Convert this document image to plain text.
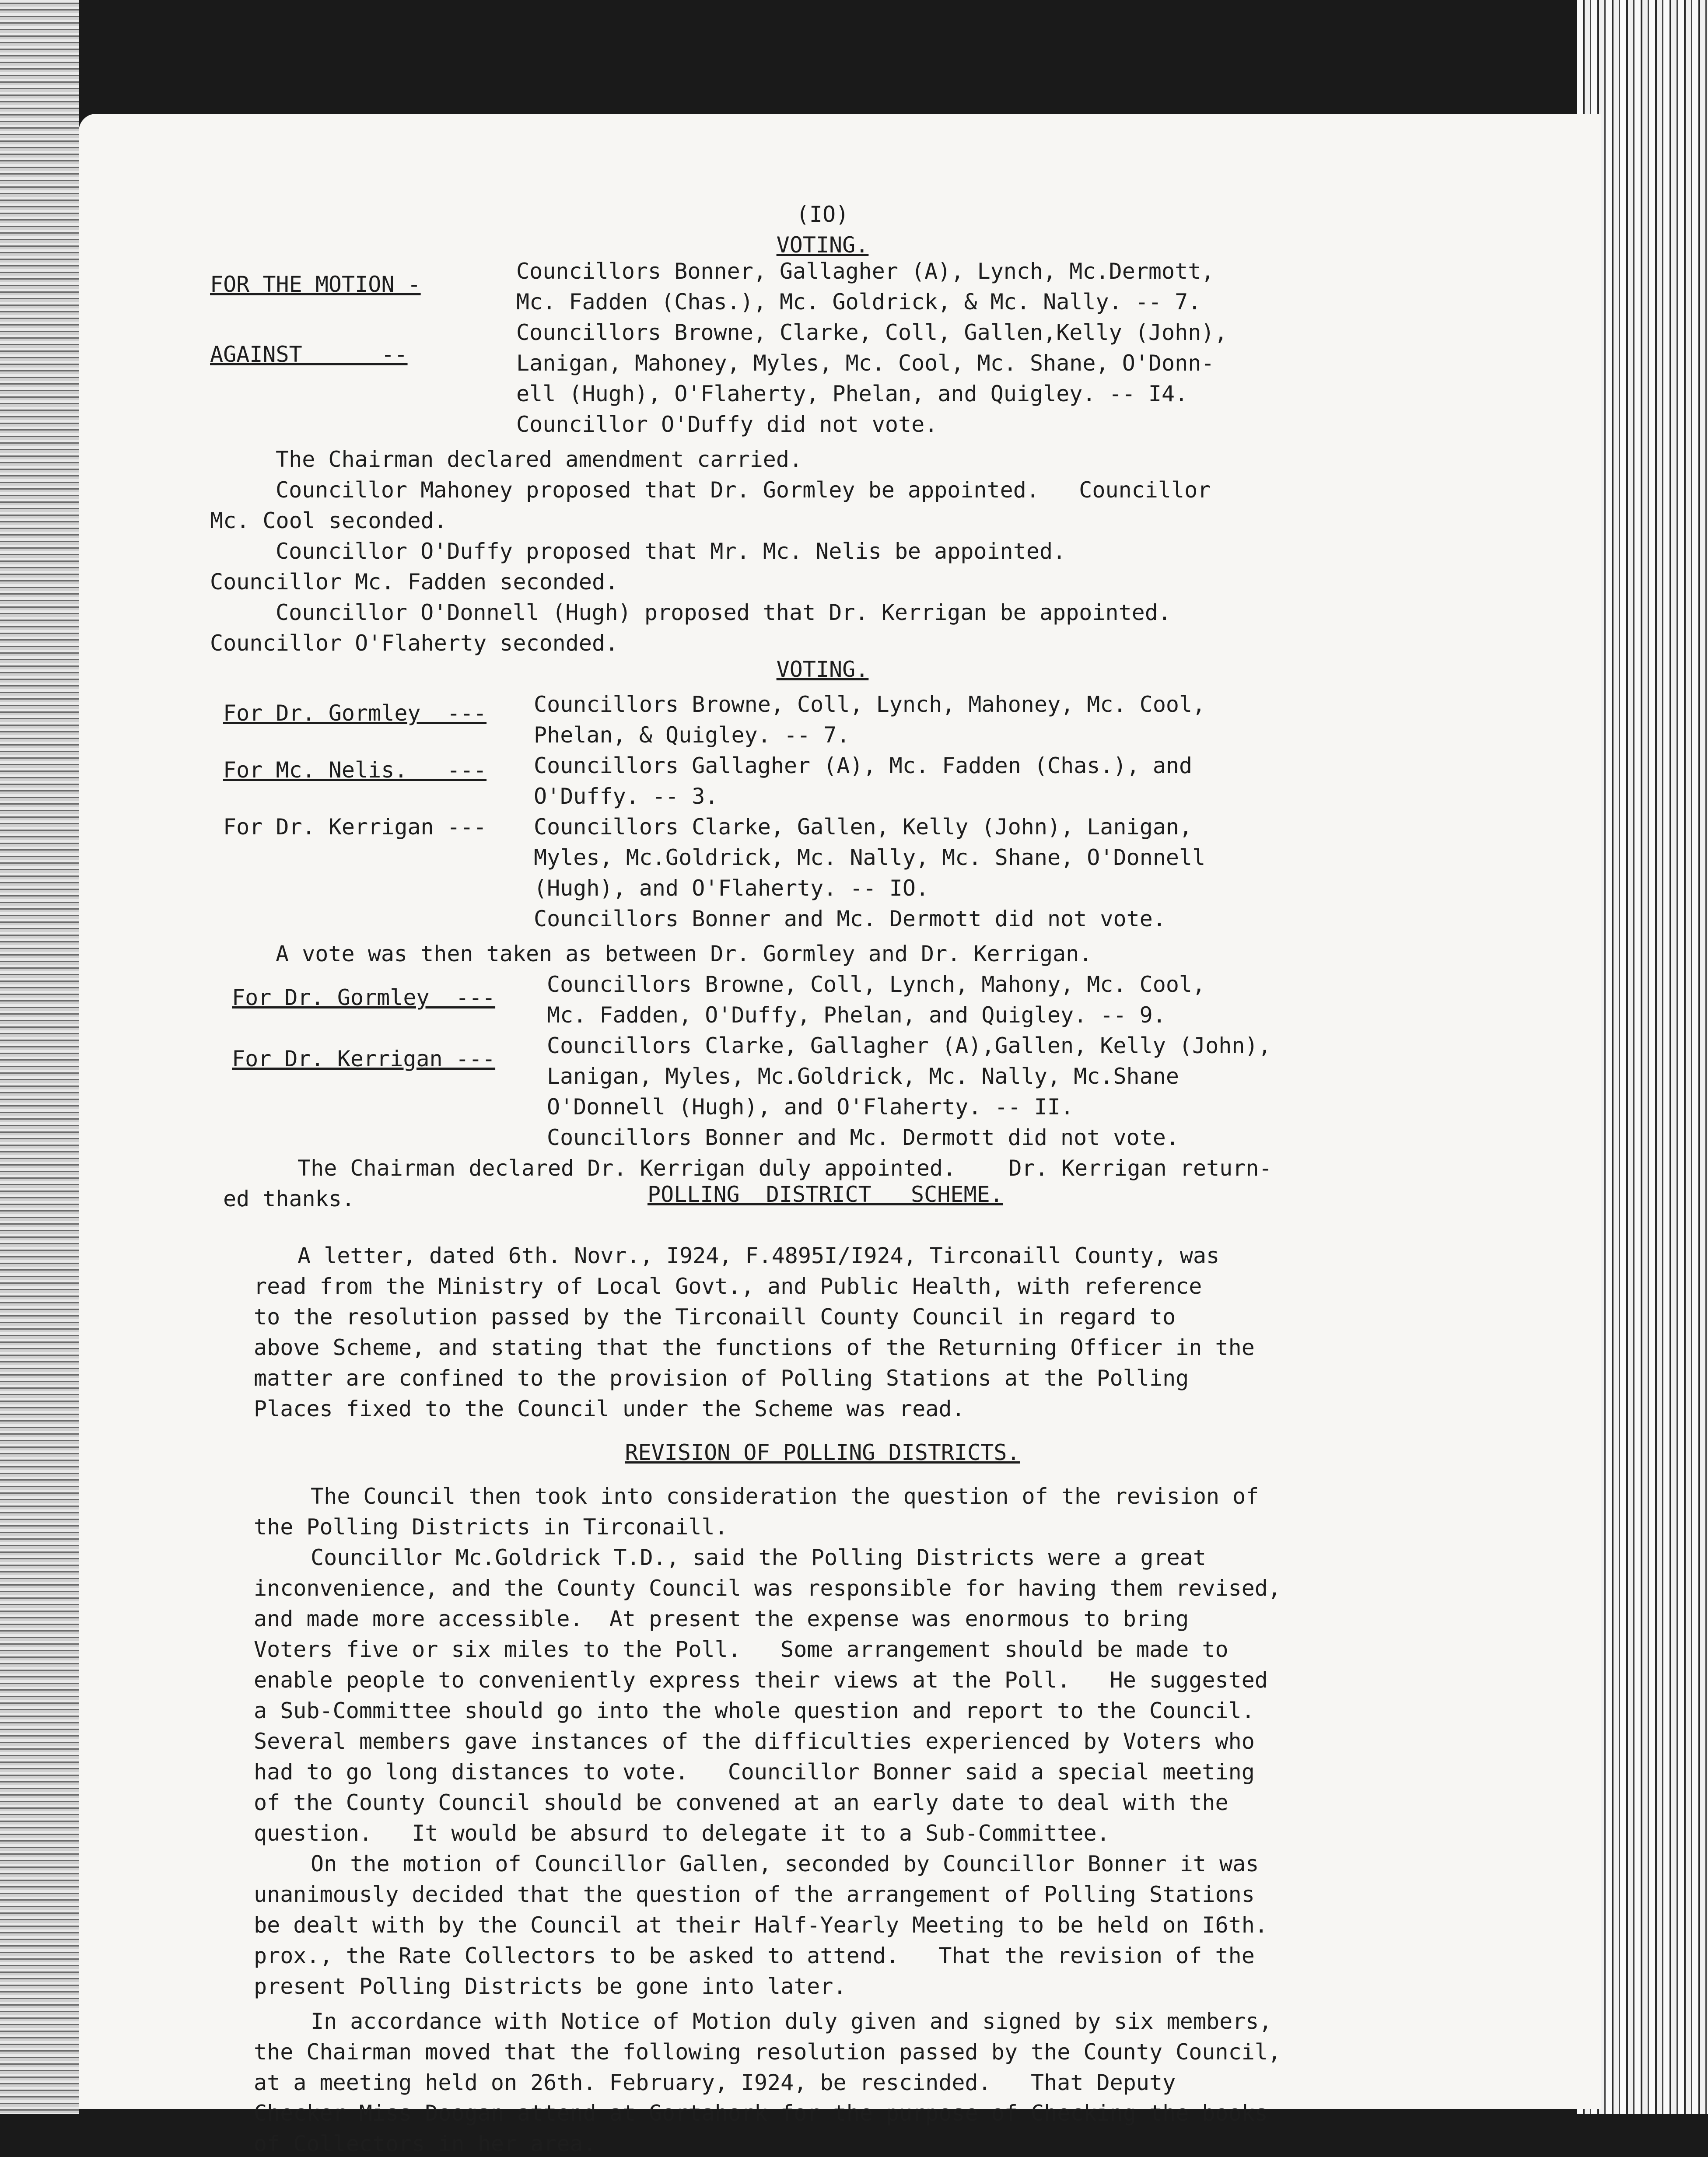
(IO)
VOTING.
FOR THE MOTION -
AGAINST      --
Councillors Bonner, Gallagher (A), Lynch, Mc.Dermott,
Mc. Fadden (Chas.), Mc. Goldrick, & Mc. Nally. -- 7.
Councillors Browne, Clarke, Coll, Gallen,Kelly (John),
Lanigan, Mahoney, Myles, Mc. Cool, Mc. Shane, O'Donn-
ell (Hugh), O'Flaherty, Phelan, and Quigley. -- I4.
Councillor O'Duffy did not vote.
The Chairman declared amendment carried.
Councillor Mahoney proposed that Dr. Gormley be appointed.   Councillor
Mc. Cool seconded.
Councillor O'Duffy proposed that Mr. Mc. Nelis be appointed.
Councillor Mc. Fadden seconded.
Councillor O'Donnell (Hugh) proposed that Dr. Kerrigan be appointed.
Councillor O'Flaherty seconded.
VOTING.
For Dr. Gormley  ---
For Mc. Nelis.   ---
For Dr. Kerrigan ---
Councillors Browne, Coll, Lynch, Mahoney, Mc. Cool,
Phelan, & Quigley. -- 7.
Councillors Gallagher (A), Mc. Fadden (Chas.), and
O'Duffy. -- 3.
Councillors Clarke, Gallen, Kelly (John), Lanigan,
Myles, Mc.Goldrick, Mc. Nally, Mc. Shane, O'Donnell
(Hugh), and O'Flaherty. -- IO.
Councillors Bonner and Mc. Dermott did not vote.
A vote was then taken as between Dr. Gormley and Dr. Kerrigan.
For Dr. Gormley  ---
For Dr. Kerrigan ---
Councillors Browne, Coll, Lynch, Mahony, Mc. Cool,
Mc. Fadden, O'Duffy, Phelan, and Quigley. -- 9.
Councillors Clarke, Gallagher (A),Gallen, Kelly (John),
Lanigan, Myles, Mc.Goldrick, Mc. Nally, Mc.Shane
O'Donnell (Hugh), and O'Flaherty. -- II.
Councillors Bonner and Mc. Dermott did not vote.
The Chairman declared Dr. Kerrigan duly appointed.    Dr. Kerrigan return-
ed thanks.	POLLING  DISTRICT   SCHEME.
A letter, dated 6th. Novr., I924, F.4895I/I924, Tirconaill County, was
read from the Ministry of Local Govt., and Public Health, with reference
to the resolution passed by the Tirconaill County Council in regard to
above Scheme, and stating that the functions of the Returning Officer in the
matter are confined to the provision of Polling Stations at the Polling
Places fixed to the Council under the Scheme was read.
REVISION OF POLLING DISTRICTS.
The Council then took into consideration the question of the revision of
the Polling Districts in Tirconaill.
Councillor Mc.Goldrick T.D., said the Polling Districts were a great
inconvenience, and the County Council was responsible for having them revised,
and made more accessible.  At present the expense was enormous to bring
Voters five or six miles to the Poll.   Some arrangement should be made to
enable people to conveniently express their views at the Poll.   He suggested
a Sub-Committee should go into the whole question and report to the Council.
Several members gave instances of the difficulties experienced by Voters who
had to go long distances to vote.   Councillor Bonner said a special meeting
of the County Council should be convened at an early date to deal with the
question.   It would be absurd to delegate it to a Sub-Committee.
On the motion of Councillor Gallen, seconded by Councillor Bonner it was
unanimously decided that the question of the arrangement of Polling Stations
be dealt with by the Council at their Half-Yearly Meeting to be held on I6th.
prox., the Rate Collectors to be asked to attend.   That the revision of the
present Polling Districts be gone into later.
In accordance with Notice of Motion duly given and signed by six members,
the Chairman moved that the following resolution passed by the County Council,
at a meeting held on 26th. February, I924, be rescinded.   That Deputy
Checker Miss Doogan attend at Gortahork for the purpose of Checking the books
of Collectors in her area.
